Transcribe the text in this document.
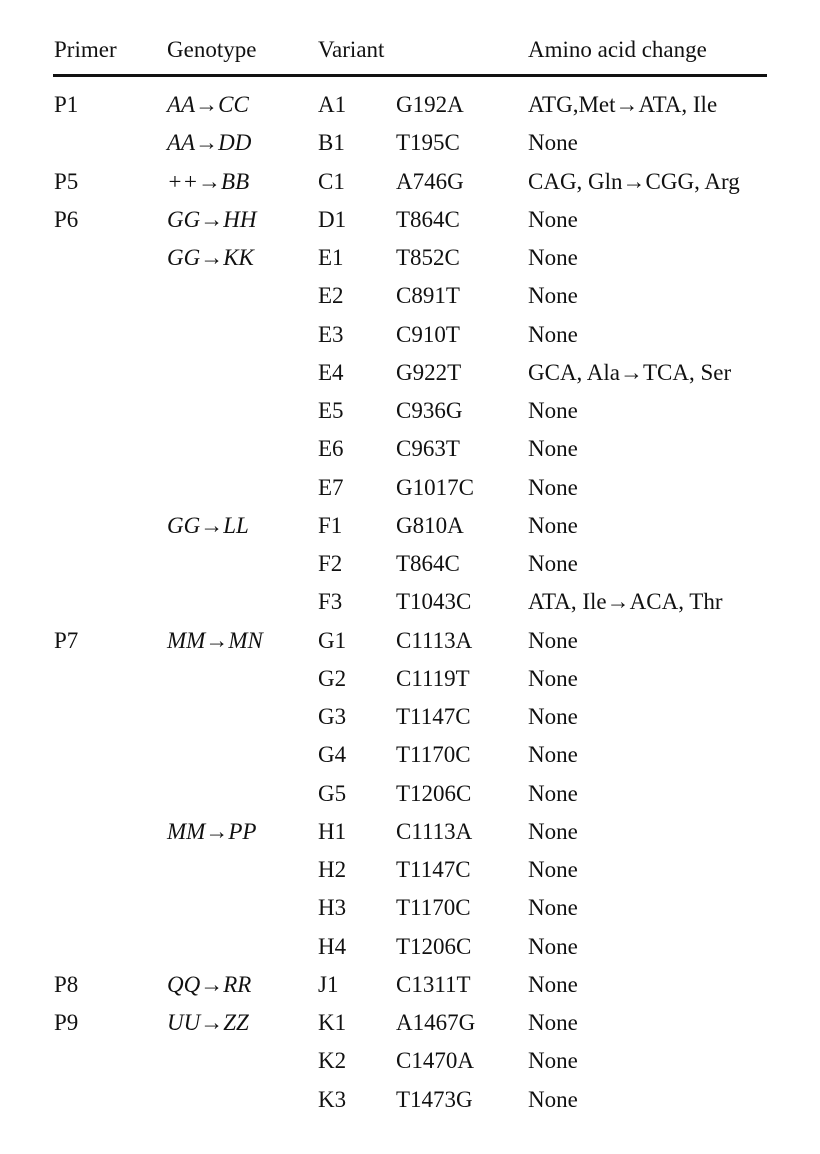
Primer Genotype	Variant	Amino acid change
P1	AA→CC	A1 G192A	ATG,Met→ATA, Ile
AA→DD	B1 T195C	None
P5	++→BB	C1 A746G	CAG, Gln→CGG, Arg
P6	GG→HH	D1 T864C	None
GG→KK	E1 T852C	None
E2 C891T	None
E3 C910T	None
E4 G922T	GCA, Ala→TCA, Ser
E5 C936G	None
E6 C963T	None
E7 G1017C None
GG→LL	F1 G810A	None
F2 T864C	None
F3 T1043C ATA, Ile→ACA, Thr
P7	MM→MN G1 C1113A None
G2 C1119T	None
G3 T1147C None
G4 T1170C None
G5 T1206C None
MM→PP	H1 C1113A None
H2 T1147C None
H3 T1170C None
H4 T1206C None
P8	QQ→RR	J1	C1311T None
P9	UU→ZZ	K1 A1467G None
K2 C1470A None
K3 T1473G None
